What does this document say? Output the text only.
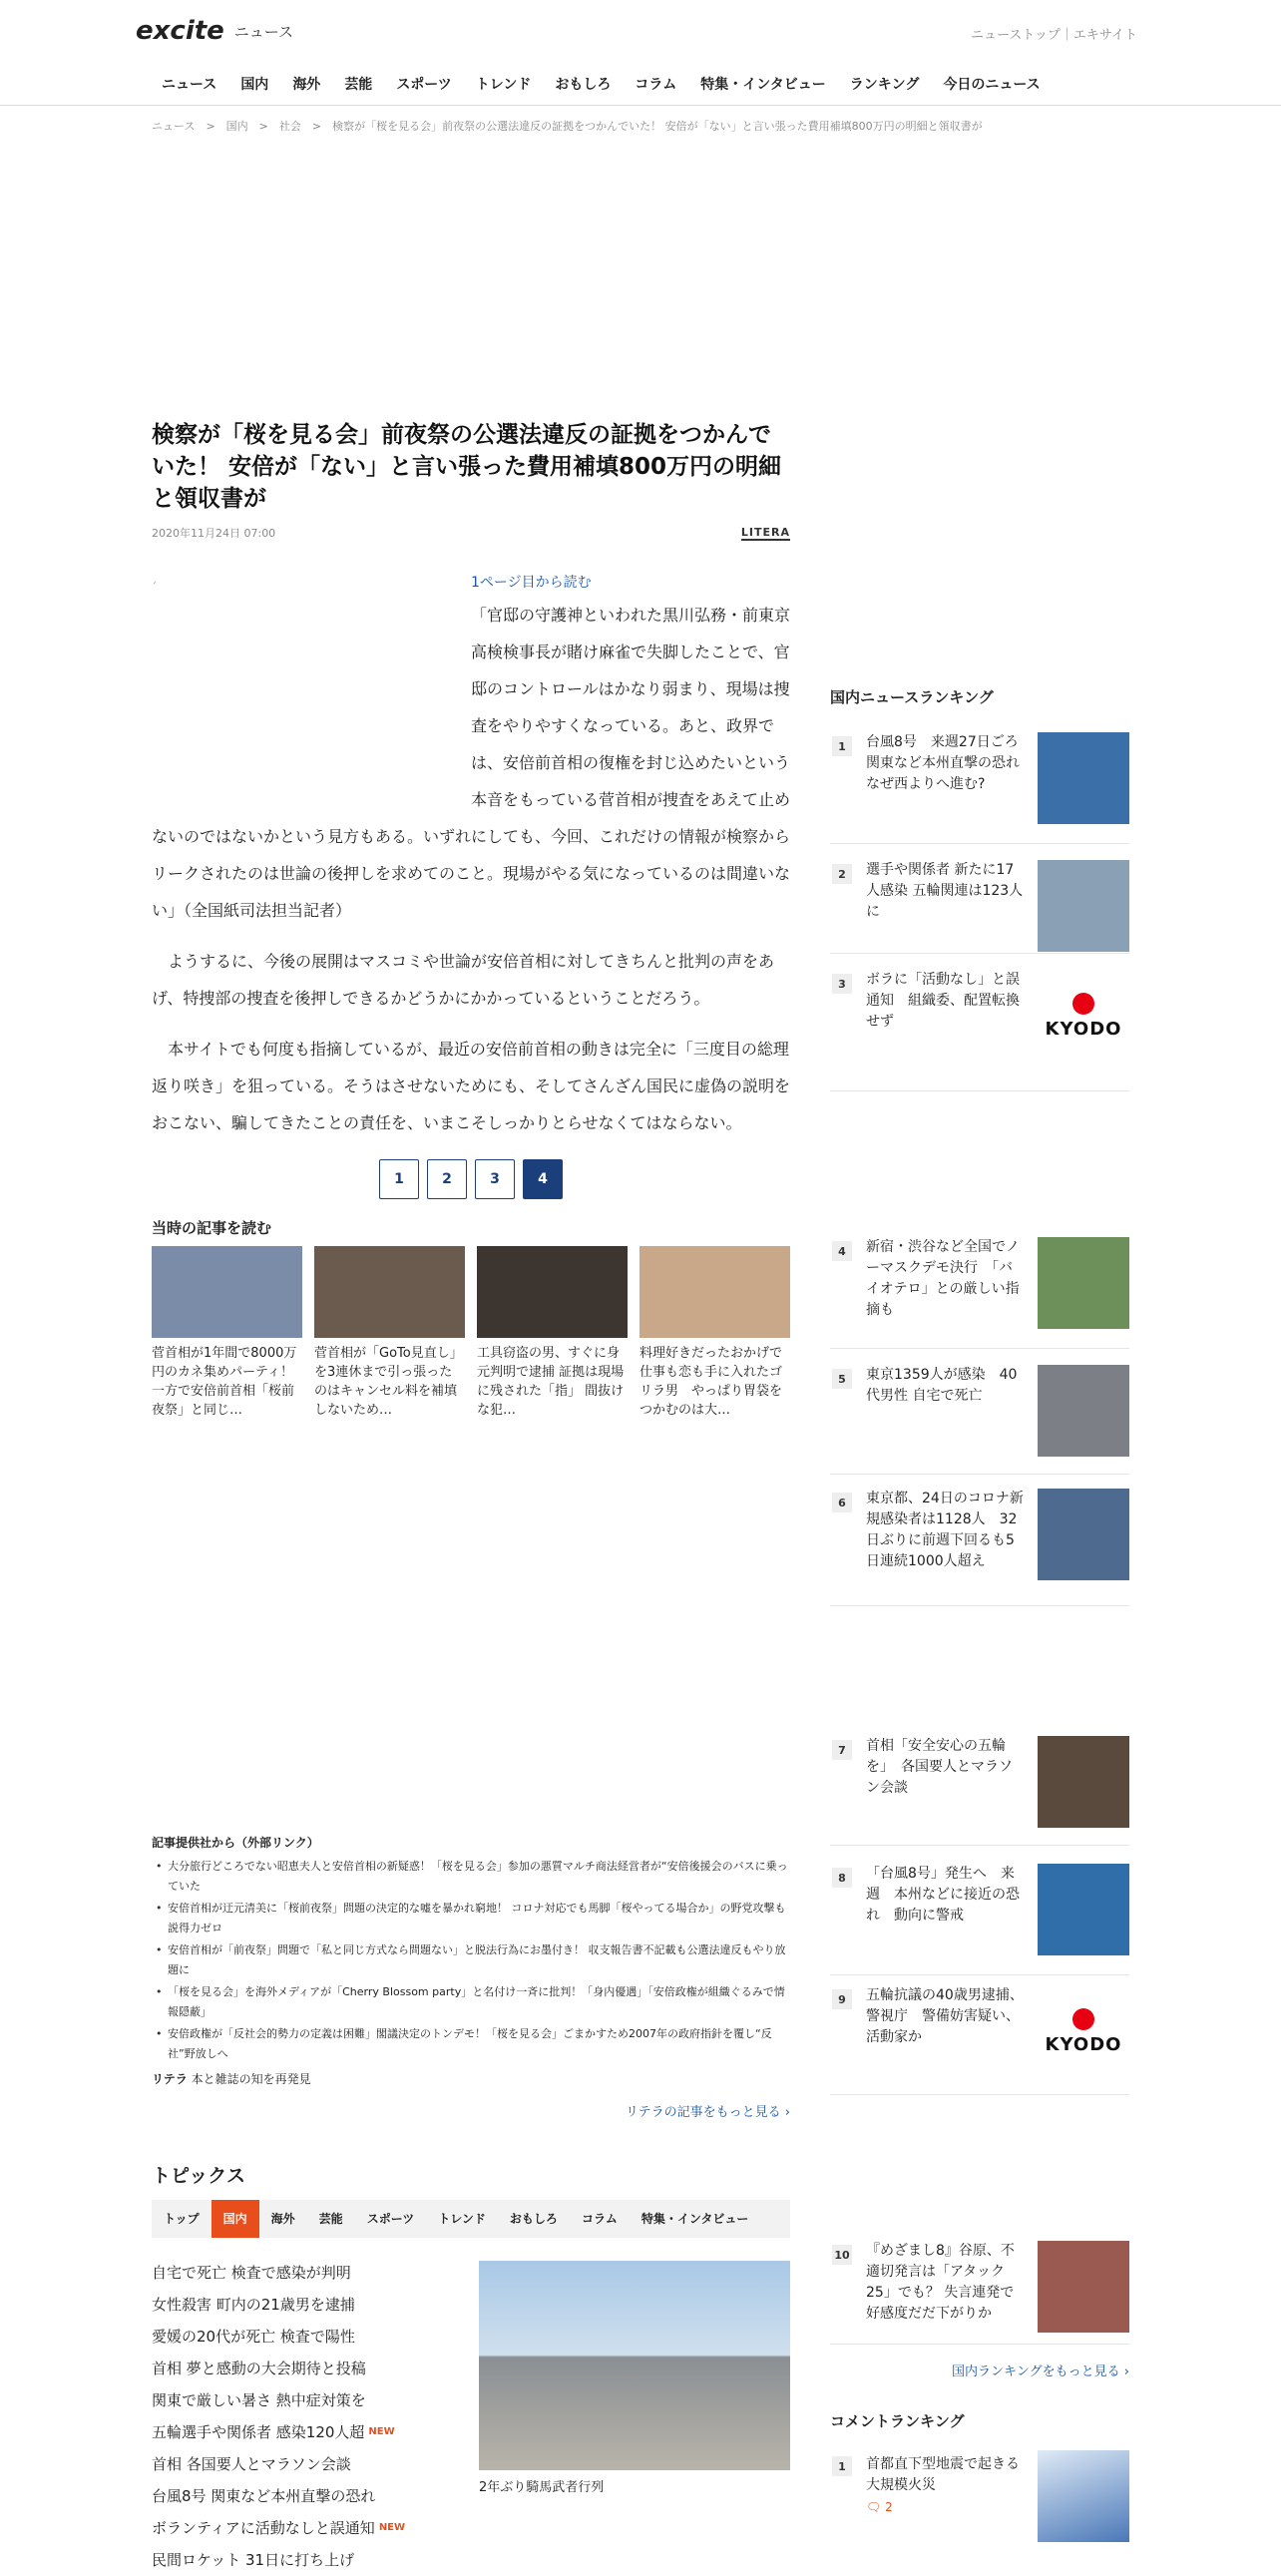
excite ニュース	ニューストップ｜エキサイト
ニュース	国内	海外	芸能	スポーツ	トレンド	おもしろ	コラム	特集・インタビュー	ランキング	今日のニュース
ニュース　>　国内　>　社会　>　検察が「桜を見る会」前夜祭の公選法違反の証拠をつかんでいた！ 安倍が「ない」と言い張った費用補填800万円の明細と領収書が
検察が「桜を見る会」前夜祭の公選法違反の証拠をつかんでいた！ 安倍が「ない」と言い張った費用補填800万円の明細と領収書が
2020年11月24日 07:00	LITERA
´	1ページ目から読む

「官邸の守護神といわれた黒川弘務・前東京高検検事長が賭け麻雀で失脚したことで、官邸のコントロールはかなり弱まり、現場は捜査をやりやすくなっている。あと、政界では、安倍前首相の復権を封じ込めたいという本音をもっている菅首相が捜査をあえて止めないのではないかという見方もある。いずれにしても、今回、これだけの情報が検察からリークされたのは世論の後押しを求めてのこと。現場がやる気になっているのは間違いない」（全国紙司法担当記者）

　ようするに、今後の展開はマスコミや世論が安倍首相に対してきちんと批判の声をあげ、特捜部の捜査を後押しできるかどうかにかかっているということだろう。

　本サイトでも何度も指摘しているが、最近の安倍前首相の動きは完全に「三度目の総理返り咲き」を狙っている。そうはさせないためにも、そしてさんざん国民に虚偽の説明をおこない、騙してきたことの責任を、いまこそしっかりとらせなくてはならない。

1	2	3	4
当時の記事を読む
菅首相が1年間で8000万円のカネ集めパーティ！ 一方で安倍前首相「桜前夜祭」と同じ…
菅首相が「GoTo見直し」を3連休まで引っ張ったのはキャンセル料を補填しないため…
工具窃盗の男、すぐに身元判明で逮捕 証拠は現場に残された「指」 間抜けな犯…
料理好きだったおかげで仕事も恋も手に入れたゴリラ男　やっぱり胃袋をつかむのは大…
記事提供社から（外部リンク）
• 大分旅行どころでない昭恵夫人と安倍首相の新疑惑！「桜を見る会」参加の悪質マルチ商法経営者が“安倍後援会のバスに乗っていた
• 安倍首相が迂元清美に「桜前夜祭」問題の決定的な嘘を暴かれ窮地！ コロナ対応でも馬脚「桜やってる場合か」の野党攻撃も説得力ゼロ
• 安倍首相が「前夜祭」問題で「私と同じ方式なら問題ない」と脱法行為にお墨付き！ 収支報告書不記載も公選法違反もやり放題に
• 「桜を見る会」を海外メディアが「Cherry Blossom party」と名付け一斉に批判！「身内優遇」「安倍政権が組織ぐるみで情報隠蔽」
• 安倍政権が「反社会的勢力の定義は困難」閣議決定のトンデモ！「桜を見る会」ごまかすため2007年の政府指針を覆し“反社”野放しへ
リテラ 本と雑誌の知を再発見
リテラの記事をもっと見る ›
トピックス
トップ	国内	海外	芸能	スポーツ	トレンド	おもしろ	コラム	特集・インタビュー
自宅で死亡 検査で感染が判明
女性殺害 町内の21歳男を逮捕
愛媛の20代が死亡 検査で陽性
首相 夢と感動の大会期待と投稿
関東で厳しい暑さ 熱中症対策を
五輪選手や関係者 感染120人超 $^{NEW}$
首相 各国要人とマラソン会談
台風8号 関東など本州直撃の恐れ
ボランティアに活動なしと誤通知 $^{NEW}$
民間ロケット 31日に打ち上げ
2年ぶり騎馬武者行列
国内ニュースランキング
1	台風8号　来週27日ごろ　関東など本州直撃の恐れ　なぜ西よりへ進む?
2	選手や関係者 新たに17人感染 五輪関連は123人に
3	ボラに「活動なし」と誤通知　組織委、配置転換せず	KYODO
4	新宿・渋谷など全国でノーマスクデモ決行　「バイオテロ」との厳しい指摘も
5	東京1359人が感染　40代男性 自宅で死亡
6	東京都、24日のコロナ新規感染者は1128人　32日ぶりに前週下回るも5日連続1000人超え
7	首相「安全安心の五輪を」　各国要人とマラソン会談
8	「台風8号」発生へ　来週　本州などに接近の恐れ　動向に警戒
9	五輪抗議の40歳男逮捕、警視庁　警備妨害疑い、活動家か	KYODO
10 『めざまし8』谷原、不適切発言は「アタック25」でも？ 失言連発で好感度だだ下がりか
国内ランキングをもっと見る ›
コメントランキング
1	首都直下型地震で起きる大規模火災
🗨 2
